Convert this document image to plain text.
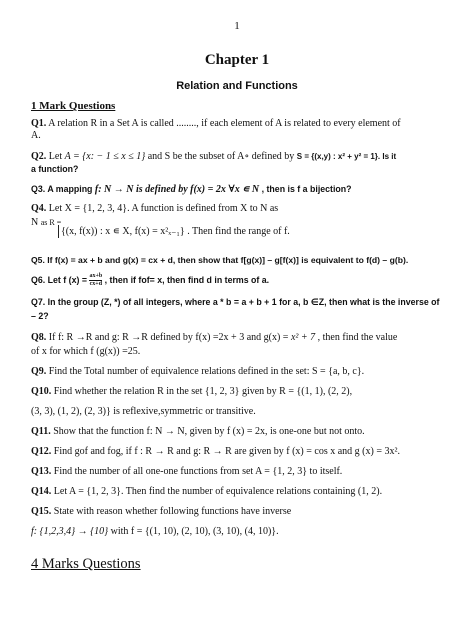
1
Chapter 1
Relation and Functions
1 Mark Questions
Q1. A relation R in a Set A is called ........, if each element of A is related to every element of
A.
Q2. Let A = {x: − 1 ≤ x ≤ 1} and S be the subset of A∘ defined by S = {(x,y) : x² + y² = 1}. Is it
a function?
Q3. A mapping f: N → N is defined by f(x) = 2x ∀x ∊ N , then is f a bijection?
Q4. Let X = {1, 2, 3, 4}. A function is defined from X to N as
N as R =
{(x, f(x)) : x ∊ X, f(x) = x²ₓ₋₁} . Then find the range of f.
Q5. If f(x) = ax + b and g(x) = cx + d, then show that f[g(x)] – g[f(x)] is equivalent to f(d) – g(b).
Q6. Let f $(x) = \frac{ax+b}{cx+d}$ , then if fof= x, then find d in terms of a.
Q7. In the group (Z, *) of all integers, where a * b = a + b + 1 for a, b ∈Z, then what is the inverse of
– 2?
Q8. If f: R →R and g: R →R defined by f(x) =2x + 3 and g(x) = x² + 7 , then find the value
of x for which f (g(x)) =25.
Q9. Find the Total number of equivalence relations defined in the set: S = {a, b, c}.
Q10. Find whether the relation R in the set {1, 2, 3} given by R = {(1, 1), (2, 2),
(3, 3), (1, 2), (2, 3)} is reflexive,symmetric or transitive.
Q11. Show that the function f: N → N, given by f (x) = 2x, is one-one but not onto.
Q12. Find gof and fog, if f : R → R and g: R → R are given by f (x) = cos x and g (x) = 3x².
Q13. Find the number of all one-one functions from set A = {1, 2, 3} to itself.
Q14. Let A = {1, 2, 3}. Then find the number of equivalence relations containing (1, 2).
Q15. State with reason whether following functions have inverse
f: {1,2,3,4} → {10} with f = {(1, 10), (2, 10), (3, 10), (4, 10)}.
4 Marks Questions
